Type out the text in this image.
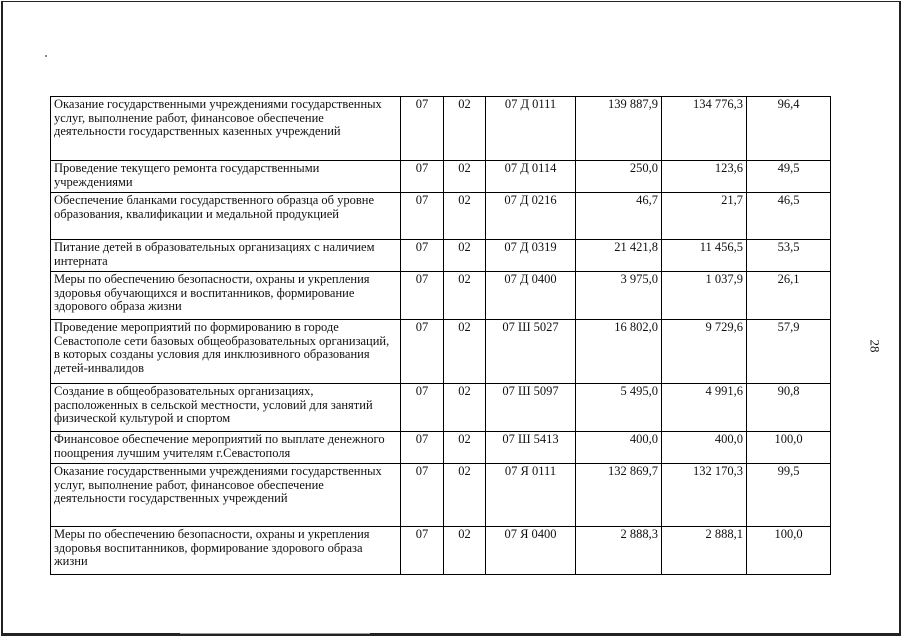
Оказание государственными учреждениями государственных услуг, выполнение работ, финансовое обеспечение деятельности государственных казенных учреждений	07	02	07 Д 0111	139 887,9	134 776,3	96,4
Проведение текущего ремонта государственными учреждениями	07	02	07 Д 0114	250,0	123,6	49,5
Обеспечение бланками государственного образца об уровне образования, квалификации и медальной продукцией	07	02	07 Д 0216	46,7	21,7	46,5
Питание детей в образовательных организациях с наличием интерната	07	02	07 Д 0319	21 421,8	11 456,5	53,5
Меры по обеспечению безопасности, охраны и укрепления здоровья обучающихся и воспитанников, формирование здорового образа жизни	07	02	07 Д 0400	3 975,0	1 037,9	26,1
Проведение мероприятий по формированию в городе Севастополе сети базовых общеобразовательных организаций, в которых созданы условия для инклюзивного образования детей-инвалидов	07	02	07 Ш 5027	16 802,0	9 729,6	57,9
Создание в общеобразовательных организациях, расположенных в сельской местности, условий для занятий физической культурой и спортом	07	02	07 Ш 5097	5 495,0	4 991,6	90,8
Финансовое обеспечение мероприятий по выплате денежного поощрения лучшим учителям г.Севастополя	07	02	07 Ш 5413	400,0	400,0	100,0
Оказание государственными учреждениями государственных услуг, выполнение работ, финансовое обеспечение деятельности государственных учреждений	07	02	07 Я 0111	132 869,7	132 170,3	99,5
Меры по обеспечению безопасности, охраны и укрепления здоровья воспитанников, формирование здорового образа жизни	07	02	07 Я 0400	2 888,3	2 888,1	100,0
28
